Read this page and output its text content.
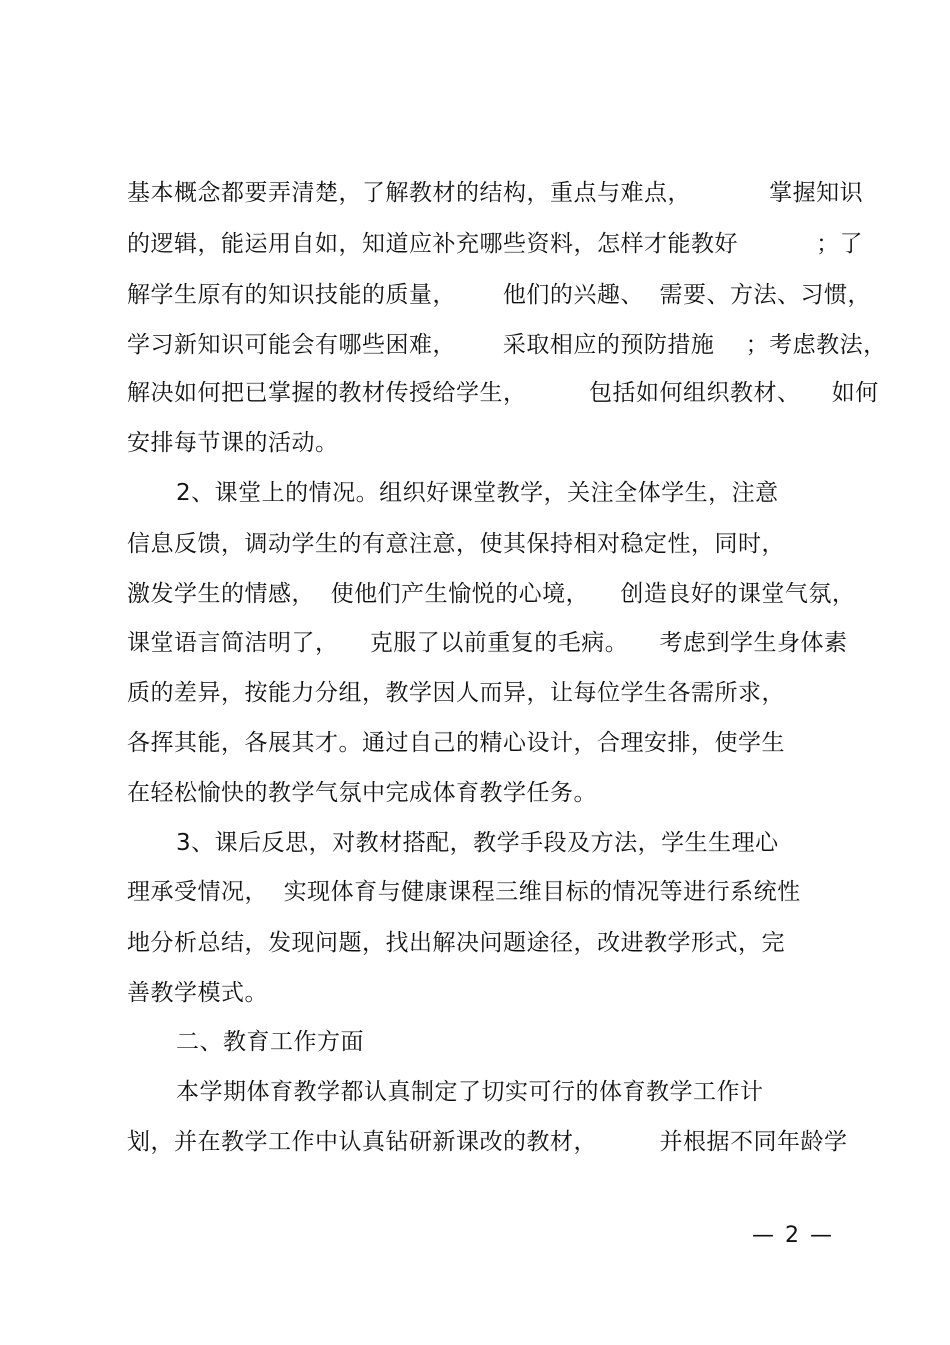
基本概念都要弄清楚，了解教材的结构，重点与难点，          掌握知识
的逻辑，能运用自如，知道应补充哪些资料，怎样才能教好          ；了
解学生原有的知识技能的质量，      他们的兴趣、  需要、方法、习惯，
学习新知识可能会有哪些困难，      采取相应的预防措施    ；考虑教法，
解决如何把已掌握的教材传授给学生，        包括如何组织教材、    如何
安排每节课的活动。
2、课堂上的情况。组织好课堂教学，关注全体学生，注意
信息反馈，调动学生的有意注意，使其保持相对稳定性，同时，
激发学生的情感，  使他们产生愉悦的心境，    创造良好的课堂气氛，
课堂语言简洁明了，    克服了以前重复的毛病。    考虑到学生身体素
质的差异，按能力分组，教学因人而异，让每位学生各需所求，
各挥其能，各展其才。通过自己的精心设计，合理安排，使学生
在轻松愉快的教学气氛中完成体育教学任务。
3、课后反思，对教材搭配，教学手段及方法，学生生理心
理承受情况，  实现体育与健康课程三维目标的情况等进行系统性
地分析总结，发现问题，找出解决问题途径，改进教学形式，完
善教学模式。
二、教育工作方面
本学期体育教学都认真制定了切实可行的体育教学工作计
划，并在教学工作中认真钻研新课改的教材，        并根据不同年龄学
— 2 —
